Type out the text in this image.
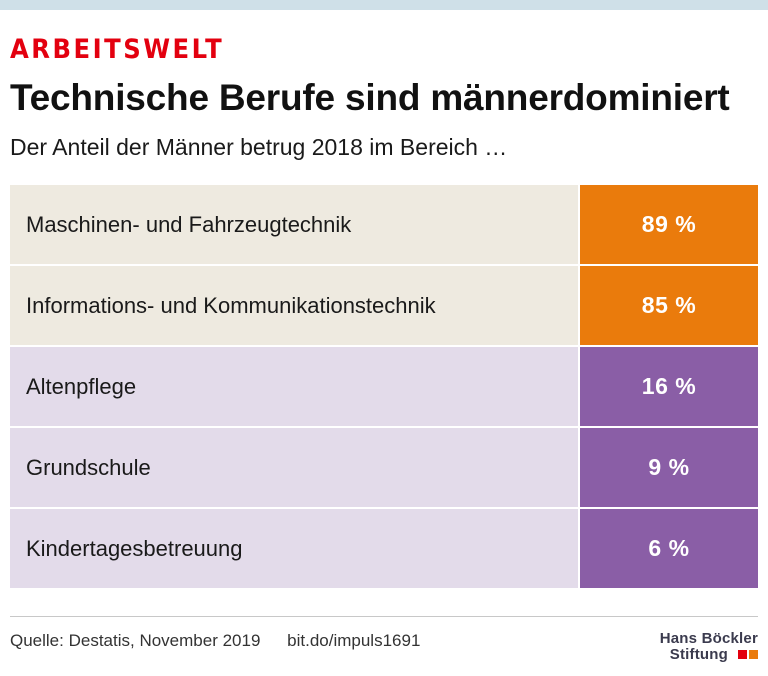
ARBEITSWELT
Technische Berufe sind männerdominiert
Der Anteil der Männer betrug 2018 im Bereich …
Maschinen- und Fahrzeugtechnik	89 %
Informations- und Kommunikationstechnik	85 %
Altenpflege	16 %
Grundschule	9 %
Kindertagesbetreuung	6 %
Quelle: Destatis, November 2019 bit.do/impuls1691	Hans Böckler
Stiftung
